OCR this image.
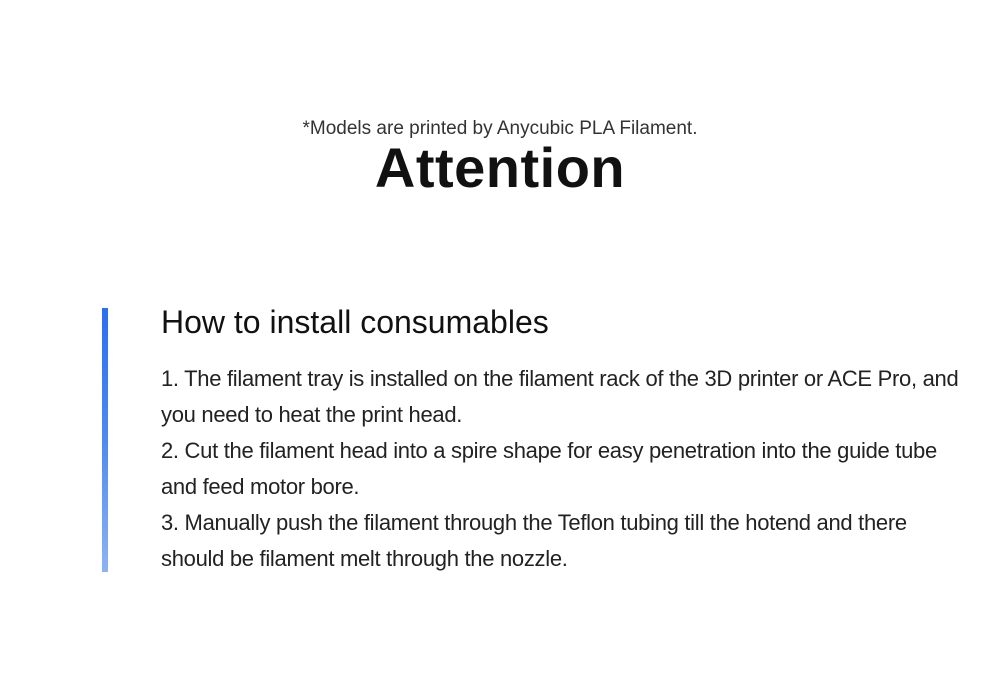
*Models are printed by Anycubic PLA Filament.
Attention
How to install consumables
1. The filament tray is installed on the filament rack of the 3D printer or ACE Pro, and you need to heat the print head.
2. Cut the filament head into a spire shape for easy penetration into the guide tube and feed motor bore.
3. Manually push the filament through the Teflon tubing till the hotend and there should be filament melt through the nozzle.
